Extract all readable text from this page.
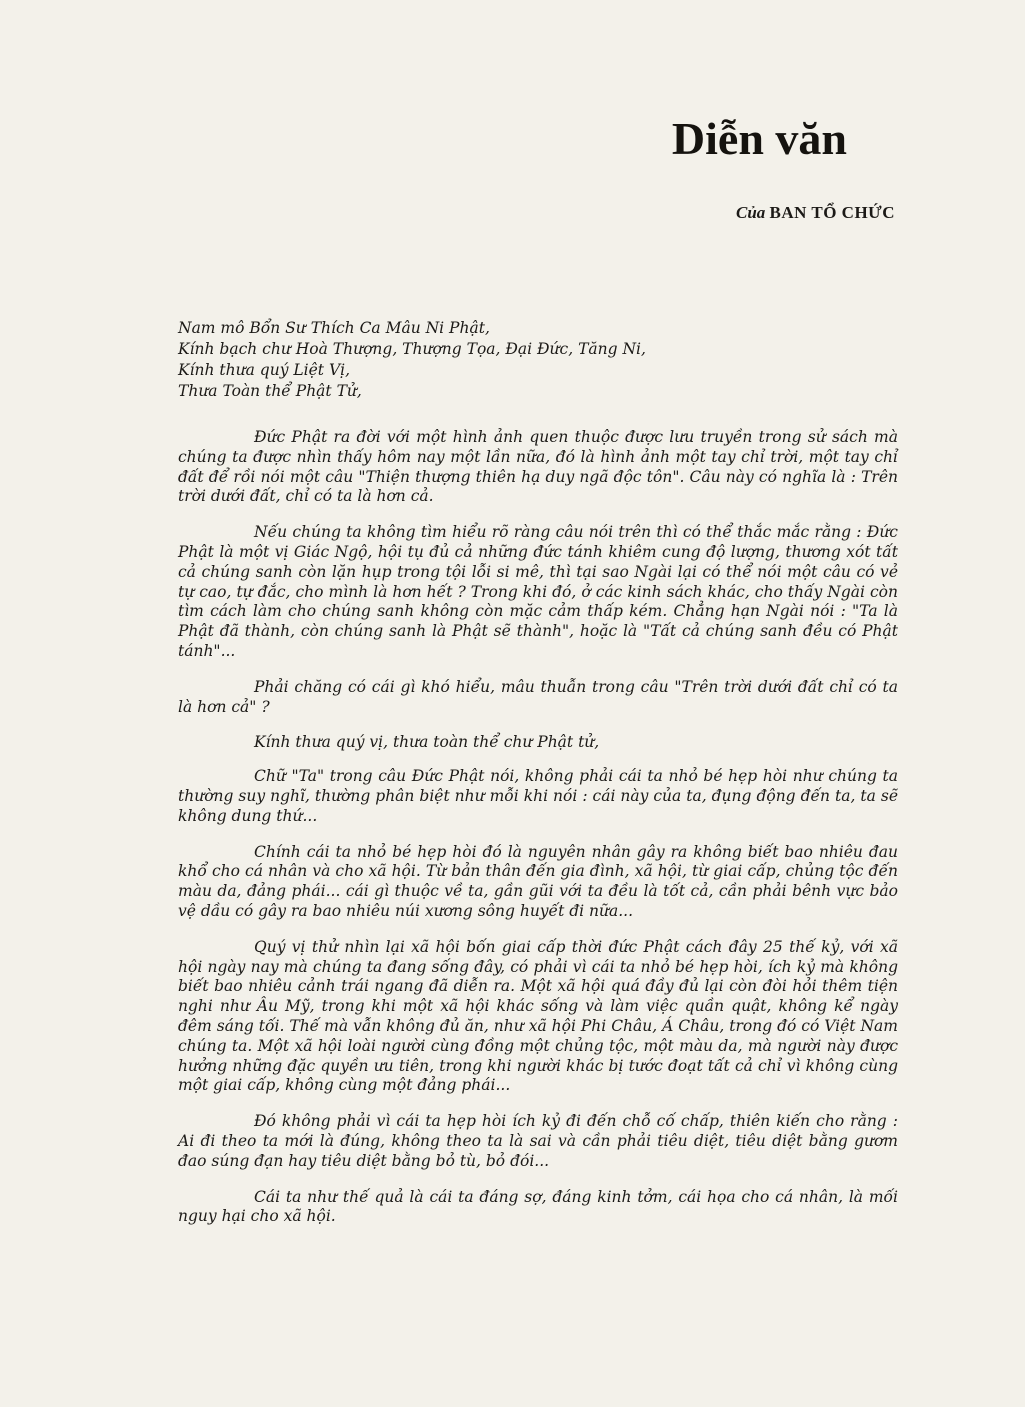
Diễn văn

Của BAN TỔ CHỨC

Nam mô Bổn Sư Thích Ca Mâu Ni Phật,
Kính bạch chư Hoà Thượng, Thượng Tọa, Đại Đức, Tăng Ni,
Kính thưa quý Liệt Vị,
Thưa Toàn thể Phật Tử,

Đức Phật ra đời với một hình ảnh quen thuộc được lưu truyền trong sử sách mà chúng ta được nhìn thấy hôm nay một lần nữa, đó là hình ảnh một tay chỉ trời, một tay chỉ đất để rồi nói một câu "Thiện thượng thiên hạ duy ngã độc tôn". Câu này có nghĩa là : Trên trời dưới đất, chỉ có ta là hơn cả.

Nếu chúng ta không tìm hiểu rõ ràng câu nói trên thì có thể thắc mắc rằng : Đức Phật là một vị Giác Ngộ, hội tụ đủ cả những đức tánh khiêm cung độ lượng, thương xót tất cả chúng sanh còn lặn hụp trong tội lỗi si mê, thì tại sao Ngài lại có thể nói một câu có vẻ tự cao, tự đắc, cho mình là hơn hết ? Trong khi đó, ở các kinh sách khác, cho thấy Ngài còn tìm cách làm cho chúng sanh không còn mặc cảm thấp kém. Chẳng hạn Ngài nói : "Ta là Phật đã thành, còn chúng sanh là Phật sẽ thành", hoặc là "Tất cả chúng sanh đều có Phật tánh"...

Phải chăng có cái gì khó hiểu, mâu thuẫn trong câu "Trên trời dưới đất chỉ có ta là hơn cả" ?

Kính thưa quý vị, thưa toàn thể chư Phật tử,

Chữ "Ta" trong câu Đức Phật nói, không phải cái ta nhỏ bé hẹp hòi như chúng ta thường suy nghĩ, thường phân biệt như mỗi khi nói : cái này của ta, đụng động đến ta, ta sẽ không dung thứ...

Chính cái ta nhỏ bé hẹp hòi đó là nguyên nhân gây ra không biết bao nhiêu đau khổ cho cá nhân và cho xã hội. Từ bản thân đến gia đình, xã hội, từ giai cấp, chủng tộc đến màu da, đảng phái... cái gì thuộc về ta, gần gũi với ta đều là tốt cả, cần phải bênh vực bảo vệ dầu có gây ra bao nhiêu núi xương sông huyết đi nữa...

Quý vị thử nhìn lại xã hội bốn giai cấp thời đức Phật cách đây 25 thế kỷ, với xã hội ngày nay mà chúng ta đang sống đây, có phải vì cái ta nhỏ bé hẹp hòi, ích kỷ mà không biết bao nhiêu cảnh trái ngang đã diễn ra. Một xã hội quá đầy đủ lại còn đòi hỏi thêm tiện nghi như Âu Mỹ, trong khi một xã hội khác sống và làm việc quần quật, không kể ngày đêm sáng tối. Thế mà vẫn không đủ ăn, như xã hội Phi Châu, Á Châu, trong đó có Việt Nam chúng ta. Một xã hội loài người cùng đồng một chủng tộc, một màu da, mà người này được hưởng những đặc quyền ưu tiên, trong khi người khác bị tước đoạt tất cả chỉ vì không cùng một giai cấp, không cùng một đảng phái...

Đó không phải vì cái ta hẹp hòi ích kỷ đi đến chỗ cố chấp, thiên kiến cho rằng : Ai đi theo ta mới là đúng, không theo ta là sai và cần phải tiêu diệt, tiêu diệt bằng gươm đao súng đạn hay tiêu diệt bằng bỏ tù, bỏ đói...

Cái ta như thế quả là cái ta đáng sợ, đáng kinh tởm, cái họa cho cá nhân, là mối nguy hại cho xã hội.
